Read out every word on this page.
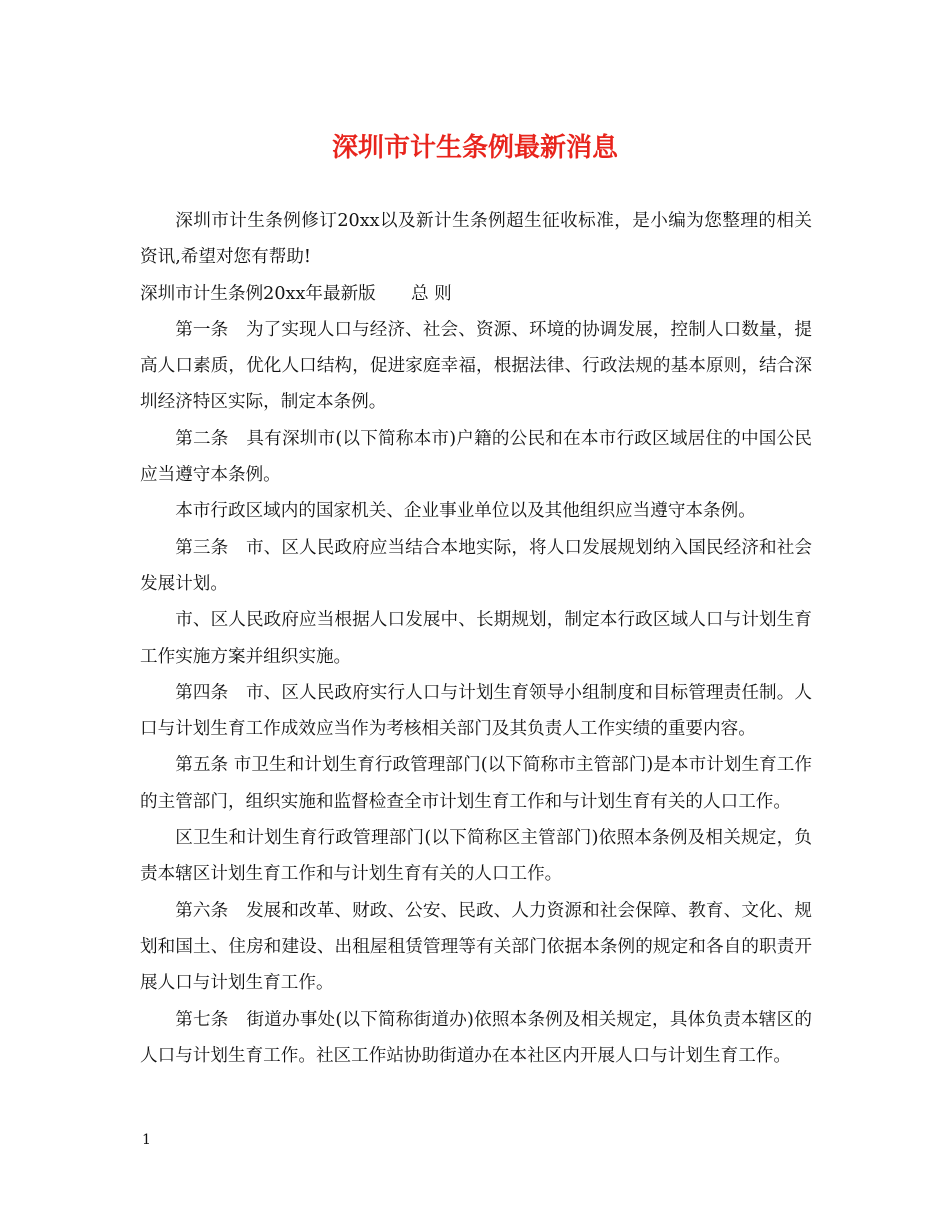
深圳市计生条例最新消息

深圳市计生条例修订20xx以及新计生条例超生征收标准，是小编为您整理的相关资讯,希望对您有帮助!

深圳市计生条例20xx年最新版　　总 则

第一条　为了实现人口与经济、社会、资源、环境的协调发展，控制人口数量，提高人口素质，优化人口结构，促进家庭幸福，根据法律、行政法规的基本原则，结合深圳经济特区实际，制定本条例。

第二条　具有深圳市(以下简称本市)户籍的公民和在本市行政区域居住的中国公民应当遵守本条例。

本市行政区域内的国家机关、企业事业单位以及其他组织应当遵守本条例。

第三条　市、区人民政府应当结合本地实际，将人口发展规划纳入国民经济和社会发展计划。

市、区人民政府应当根据人口发展中、长期规划，制定本行政区域人口与计划生育工作实施方案并组织实施。

第四条　市、区人民政府实行人口与计划生育领导小组制度和目标管理责任制。人口与计划生育工作成效应当作为考核相关部门及其负责人工作实绩的重要内容。

第五条 市卫生和计划生育行政管理部门(以下简称市主管部门)是本市计划生育工作的主管部门，组织实施和监督检查全市计划生育工作和与计划生育有关的人口工作。

区卫生和计划生育行政管理部门(以下简称区主管部门)依照本条例及相关规定，负责本辖区计划生育工作和与计划生育有关的人口工作。

第六条　发展和改革、财政、公安、民政、人力资源和社会保障、教育、文化、规划和国土、住房和建设、出租屋租赁管理等有关部门依据本条例的规定和各自的职责开展人口与计划生育工作。

第七条　街道办事处(以下简称街道办)依照本条例及相关规定，具体负责本辖区的人口与计划生育工作。社区工作站协助街道办在本社区内开展人口与计划生育工作。

1
